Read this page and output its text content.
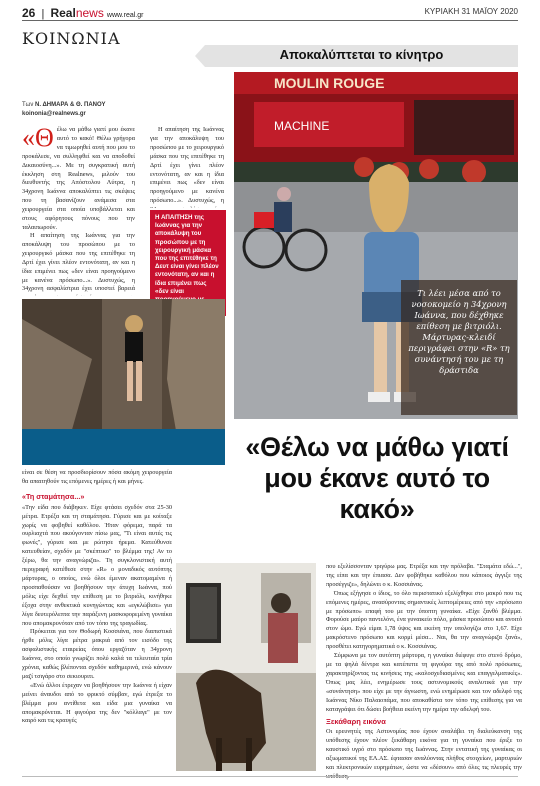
26  |  Realnews www.real.gr	ΚΥΡΙΑΚΗ 31 ΜΑΪΟΥ 2020
ΚΟΙΝΩΝΙΑ
Αποκαλύπτεται το κίνητρο
Των Ν. ΔΗΜΑΡΑ & Θ. ΠΑΝΟΥ
koinonia@realnews.gr
«Θ έλω να μάθω γιατί μου έκανε αυτό το κακό! Θέλω γρήγορα να τιμωρηθεί αυτή που μου το προκάλεσε, να συλληφθεί και να αποδοθεί Δικαιοσύνη...». Με τη συγκρατική αυτή έκκληση στη Realnews, μιλούν του διευθυντής της Απόστολου Λύτρα, η 34χρονη Ιωάννα αποκαλύπτει τις σκέψεις που τη βασανίζουν ανάμεσα στα χειρουργεία στα οποία υποβάλλεται και στους αφόρητους πόνους που την ταλαιπωρούν.

Η απαίτηση της Ιωάννας για την αποκάλυψη του προσώπου με το χειρουργικό μάσκα που της επιτέθηκε τη Δρτί έχει γίνει πλέον εντονότατη, αν και η ίδια επιμένει πως «δεν είναι προηγούμενο με κανένα πρόσωπο...». Δυστυχώς, η

Η ΑΠΑΙΤΗΣΗ της Ιωάννας για την αποκάλυψη του προσώπου με τη χειρουργική μάσκα που της επιτέθηκε τη Δευτ είναι γίνει πλέον εντονότατη, αν και η ίδια επιμένει πως «δεν είναι

Η απαίτηση της Ιωάννας για την αποκάλυψη του προσώπου με το χειρουργικό μάσκα που της επιτέθηκε τη Δρτί έχει γίνει πλέον εντονότατη, αν και η ίδια επιμένει πως «δεν είναι προηγούμενο με κανένα πρόσωπο...». Δυστυχώς, η 34χρονη ασφαλίστρια έχει υποστεί βαρειά

MOULIN ROUGE
MACHINE
Τι λέει μέσα από το νοσοκομείο η 34χρονη Ιωάννα, που δέχθηκε επίθεση με βιτριόλι. Μάρτυρας-κλειδί περιγράφει στην «R» τη συνάντησή του με τη δράστιδα
«Θέλω να μάθω γιατί μου έκανε αυτό το κακό»

είναι σε θέση να προσδιορίσουν πόσα ακόμη χειρουργεία θα απαιτηθούν τις επόμενες ημέρες ή και μήνες.

«Τη σταμάτησα...»

«Την είδα που διάβηκεν. Είχε φτάσει σχεδόν στα 25-30 μέτρα. Ετρέξα και τη σταμάτησα. Γύρισε και με κοίταξε χωρίς να φοβηθεί καθόλου. Ήταν φόρεμα, παρά τα ουρλιαχτά που ακούγονταν πίσω μας, "Τι είναι αυτές τις φωνές", γύρισε και με ρώτησε ήρεμα. Κατεύθυνσε κατευθείαν, σχεδόν με "σκέπτικο" το βλέμμα της! Αν το ξέρω, θα την αναγνώριζα». Τη συγκλονιστική αυτή περιγραφή κατέθεσε στην «R» ο μοναδικός αυτόπτης μάρτυρας, ο οποίος, ενώ όλοι έμεναν ακατομαμένα ή προσπαθούσαν να βοηθήσουν την άτυχη Ιωάννα, πού μόλις είχε δεχθεί την επίθεση με το βιτριόλι, κινήθηκε έξοχα στην ανθεκτικά κυνηγώντας και «εγκλώβισε» για λίγα δευτερόλεπτα την παράξενη μασκοφορεμένη γυναίκα που απομακρυνόταν από τον τόπο της τραγωδίας.

Πρόκειται για τον Θοδωρή Κοσσιάνα, που διαπιστικά ήρθε μόλις λίγα μέτρα μακριά από τον εισόδο της ασφαλιστικής εταιρείας όπου εργαζόταν η 34χρονη Ιωάννα, στο οποίο γνωρίζει πολύ καλά τα τελευταία τρία χρόνια, καθώς βλέπονται σχεδόν καθημερινά, ενώ κάνουν μαζί τσιγάρο στο σεκιουριτι.

«Ενώ άλλοι έτρεχαν να βοηθήσουν την Ιωάννα ή είχαν μείνει άναυδοι από το φρικτό σύμβαν, εγώ έτρεξα το βλέμμα μου αντίθετα και είδα μια γυναίκα να απομακρύνεται. Η φιγούρα της δεν "κόλλαγε" με τον καιρό και τις κραυγές

που εξελίσσονταν τριγύρω μας. Ετρέξα και την πρόλαβα. "Σταμάτα εδώ...", της είπα και την έπιασα. Δεν φοβήθηκε καθόλου που κάποιος άγγιξε της προσέγγιζε», δηλώνει ο κ. Κοσσιάνας.

Όπως εξήγησε ο ίδιος, το όλο περιστατικό εξελίχθηκε στο μακρύ που τις επόμενες ημέρες, ανασύροντας σημαντικές λεπτομέρειες από την «πρόσωπο με πρόσωπο» επαφή του με την ύποπτη γυναίκα. «Είχε ξανθό βλέμμα. Φορούσε μαύρο παντελόνι, ένα γυναικείο πόλο, μάσκα προσώπου και ανοιτό στον ώμο. Εγώ είμαι 1,78 ύψος και εκείνη την υπολογίζω στο 1,67. Είχε μακρόστενο πρόσωπο και κορμί μέσα... Ναι, θα την αναγνώριζα ξανά», προσθέτει κατηγορηματικά ο κ. Κοσσιάνας.

Σύμφωνα με τον αυτόπτη μάρτυρα, η γυναίκα διέφυγε στο στενό δρόμο, με τα ψηλά δέντρα και κατέπιπτε τη φιγούρα της από πολύ πρόσωπες, χαρακτηρίζοντας τις κινήσεις της «καλοσχεδιασμένες και επαγγελματικές». Όπως μας λέει, ενημέρωσε τους αστυνομικούς αναλυτικά για την «συνάντηση» που είχε με την άγνωστη, ενώ ενημέρωσε και τον αδελφό της Ιωάννας Νίκο Παλαιοπάμα, που αποκαθίστα τον τόπο της επίθεσης για να καταγράψει ότι δώσει βοήθεια εκείνη την ημέρα την αδελφή του.

Ξεκάθαρη εικόνα

Οι ερευνητές της Αστυνομίας που έχουν αναλάβει τη διαλεύκανση της υπόθεσης έχουν πλέον ξεκάθαρη εικόνα για τη γυναίκα που έριξε το καυστικό υγρό στο πρόσωπο της Ιωάννας. Στην εντατική της γυναίκας οι αξιωματικοί της ΕΛ.ΑΣ. έφτασαν αναλύοντας πλήθος στοιχείων, μαρτυριών και πλεκτρονικών ευρημάτων, ώστε να «δέσουν» από όλες τις πλευρές την
